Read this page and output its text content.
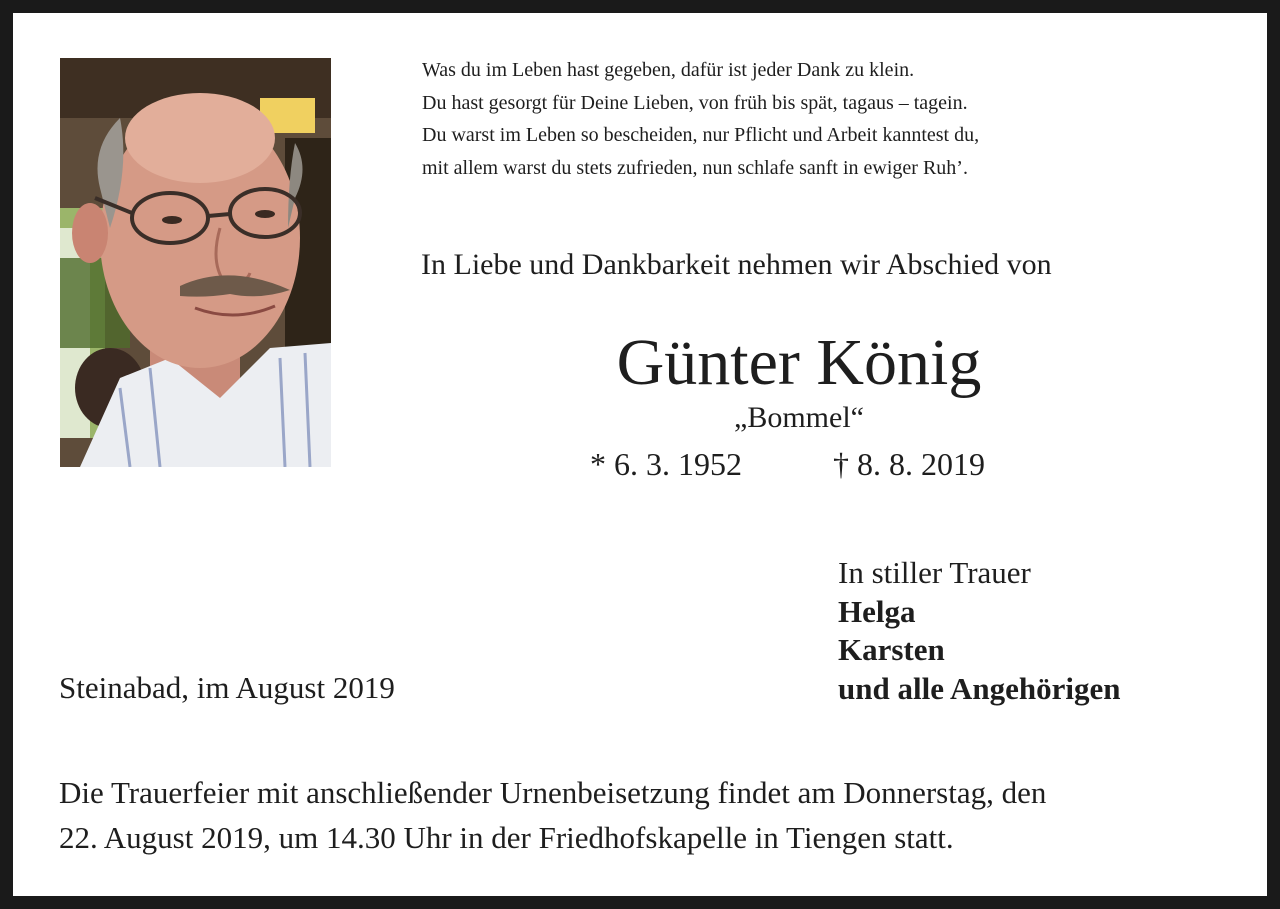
Was du im Leben hast gegeben, dafür ist jeder Dank zu klein.
Du hast gesorgt für Deine Lieben, von früh bis spät, tagaus – tagein.
Du warst im Leben so bescheiden, nur Pflicht und Arbeit kanntest du,
mit allem warst du stets zufrieden, nun schlafe sanft in ewiger Ruh’.
In Liebe und Dankbarkeit nehmen wir Abschied von
Günter König
„Bommel“
* 6. 3. 1952	† 8. 8. 2019
In stiller Trauer
Helga
Karsten
und alle Angehörigen
Steinabad, im August 2019
Die Trauerfeier mit anschließender Urnenbeisetzung findet am Donnerstag, den
22. August 2019, um 14.30 Uhr in der Friedhofskapelle in Tiengen statt.
